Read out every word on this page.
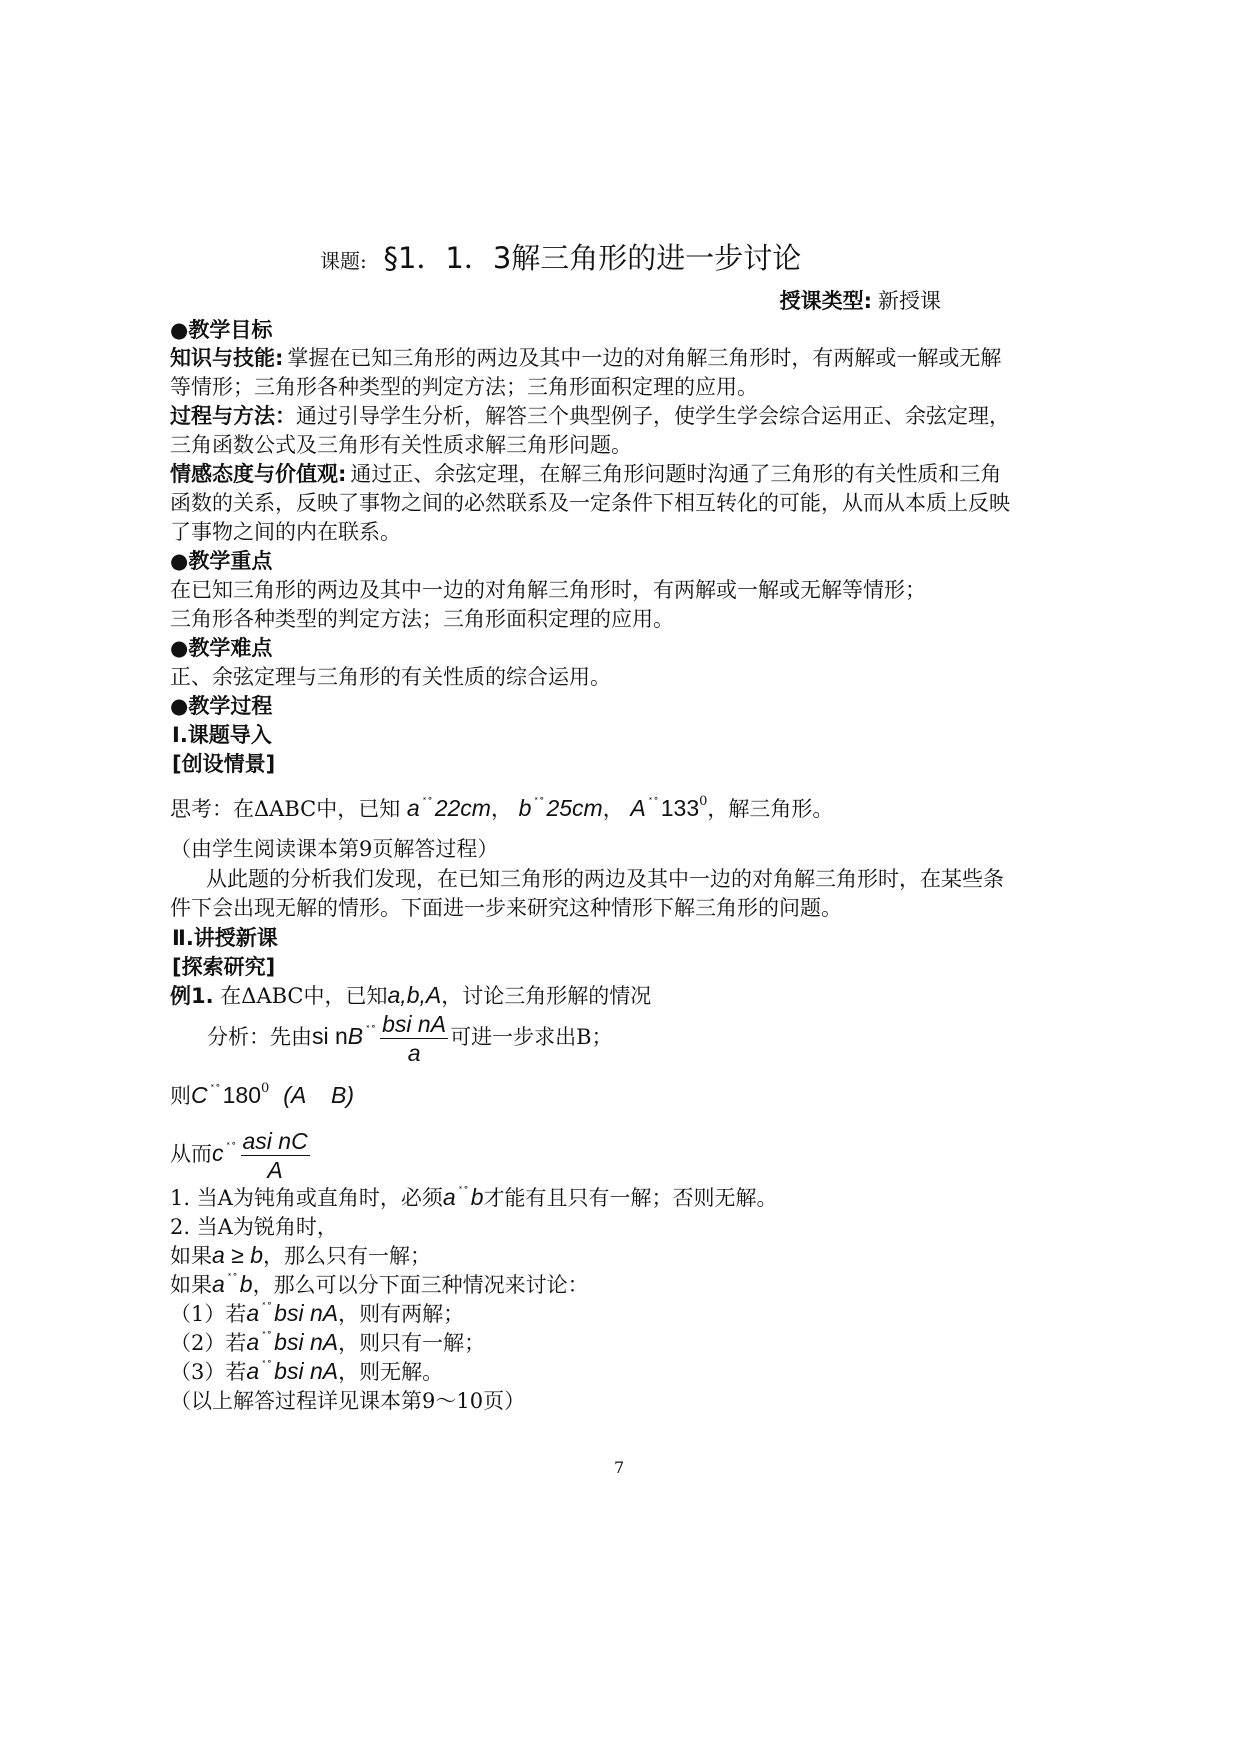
课题: §1．1．3解三角形的进一步讨论
授课类型: 新授课
●教学目标
知识与技能: 掌握在已知三角形的两边及其中一边的对角解三角形时，有两解或一解或无解
等情形；三角形各种类型的判定方法；三角形面积定理的应用。
过程与方法：通过引导学生分析，解答三个典型例子，使学生学会综合运用正、余弦定理，
三角函数公式及三角形有关性质求解三角形问题。
情感态度与价值观: 通过正、余弦定理，在解三角形问题时沟通了三角形的有关性质和三角
函数的关系，反映了事物之间的必然联系及一定条件下相互转化的可能，从而从本质上反映
了事物之间的内在联系。
●教学重点
在已知三角形的两边及其中一边的对角解三角形时，有两解或一解或无解等情形；
三角形各种类型的判定方法；三角形面积定理的应用。
●教学难点
正、余弦定理与三角形的有关性质的综合运用。
●教学过程
Ⅰ.课题导入
[创设情景]
思考：在ΔABC中，已知 a ˟˚22cm， b ˟˚25cm， A $^{˟˚}133^0$，解三角形。
（由学生阅读课本第9页解答过程）
从此题的分析我们发现，在已知三角形的两边及其中一边的对角解三角形时，在某些条
件下会出现无解的情形。下面进一步来研究这种情形下解三角形的问题。
Ⅱ.讲授新课
[探索研究]
例1. 在ΔABC中，已知a,b,A，讨论三角形解的情况
分析：先由si nB $^{˟˚} \frac{\text{bsi nA}}{a}$ 可进一步求出B；
则C $^{˟˚}180^0$ (A    B)
从而c $^{˟˚} \frac{\text{asi nC}}{A}$
1. 当A为钝角或直角时，必须a ˟˚b才能有且只有一解；否则无解。
2. 当A为锐角时，
如果a ≥ b，那么只有一解；
如果a ˟˚b，那么可以分下面三种情况来讨论：
（1）若a ˟˚bsi nA，则有两解；
（2）若a ˟˚bsi nA，则只有一解；
（3）若a ˟˚bsi nA，则无解。
（以上解答过程详见课本第9～10页）
7
